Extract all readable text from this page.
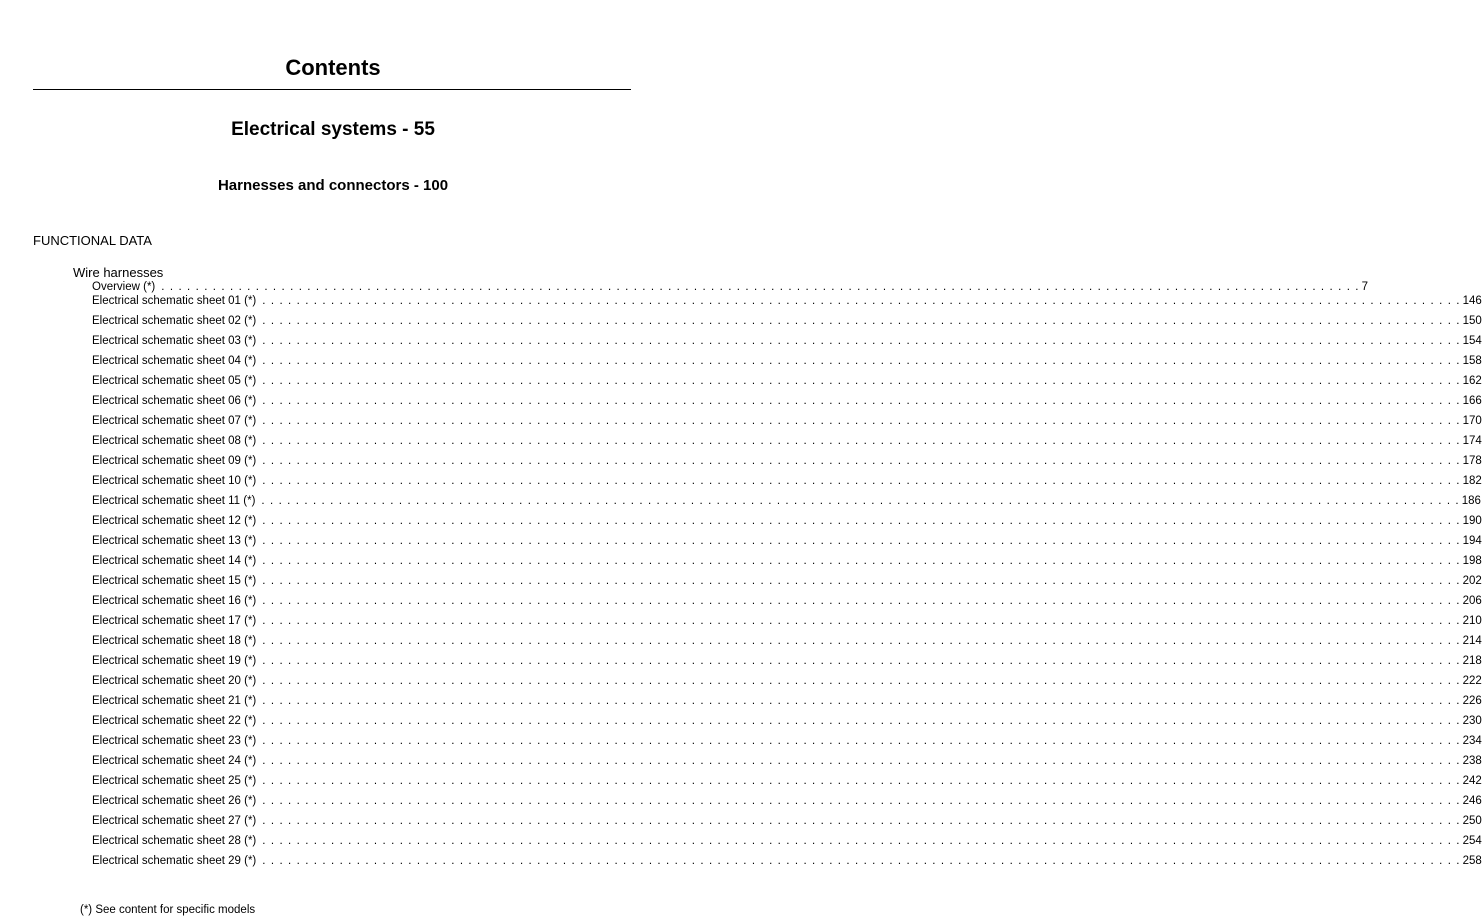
Contents
Electrical systems - 55
Harnesses and connectors - 100
FUNCTIONAL DATA
Wire harnesses
Overview (*) . . . . . . . . . . . . . . . . . . . . . . . . . . . . . . . . . . . . . . . . . . . . . . . . . . . . . . . . . . . . . . . . . . . . . . . . . . . . . . . . . . . . . . . . . . . . . . . . . . . . . . . . . . . . . . . . . . . . . . . . . . . . . . . . . . . . . . . . . . . . 7
Electrical schematic sheet 01 (*) . . . . . . . . . . . . . . . . . . . . . . . . . . . . . . . . . . . . . . . . . . . . . . . . . . . . . . . . . . . . . . . . . . . . . . . . . . . . . . . . . . . . . . . . . . . . . . . . . . . . . . . . . . . . . . . . . . . . . . . . . . . . . . . . . . . . . . . . . . . . 146
Electrical schematic sheet 02 (*) . . . . . . . . . . . . . . . . . . . . . . . . . . . . . . . . . . . . . . . . . . . . . . . . . . . . . . . . . . . . . . . . . . . . . . . . . . . . . . . . . . . . . . . . . . . . . . . . . . . . . . . . . . . . . . . . . . . . . . . . . . . . . . . . . . . . . . . . . . . . 150
Electrical schematic sheet 03 (*) . . . . . . . . . . . . . . . . . . . . . . . . . . . . . . . . . . . . . . . . . . . . . . . . . . . . . . . . . . . . . . . . . . . . . . . . . . . . . . . . . . . . . . . . . . . . . . . . . . . . . . . . . . . . . . . . . . . . . . . . . . . . . . . . . . . . . . . . . . . . 154
Electrical schematic sheet 04 (*) . . . . . . . . . . . . . . . . . . . . . . . . . . . . . . . . . . . . . . . . . . . . . . . . . . . . . . . . . . . . . . . . . . . . . . . . . . . . . . . . . . . . . . . . . . . . . . . . . . . . . . . . . . . . . . . . . . . . . . . . . . . . . . . . . . . . . . . . . . . . 158
Electrical schematic sheet 05 (*) . . . . . . . . . . . . . . . . . . . . . . . . . . . . . . . . . . . . . . . . . . . . . . . . . . . . . . . . . . . . . . . . . . . . . . . . . . . . . . . . . . . . . . . . . . . . . . . . . . . . . . . . . . . . . . . . . . . . . . . . . . . . . . . . . . . . . . . . . . . . 162
Electrical schematic sheet 06 (*) . . . . . . . . . . . . . . . . . . . . . . . . . . . . . . . . . . . . . . . . . . . . . . . . . . . . . . . . . . . . . . . . . . . . . . . . . . . . . . . . . . . . . . . . . . . . . . . . . . . . . . . . . . . . . . . . . . . . . . . . . . . . . . . . . . . . . . . . . . . . 166
Electrical schematic sheet 07 (*) . . . . . . . . . . . . . . . . . . . . . . . . . . . . . . . . . . . . . . . . . . . . . . . . . . . . . . . . . . . . . . . . . . . . . . . . . . . . . . . . . . . . . . . . . . . . . . . . . . . . . . . . . . . . . . . . . . . . . . . . . . . . . . . . . . . . . . . . . . . . 170
Electrical schematic sheet 08 (*) . . . . . . . . . . . . . . . . . . . . . . . . . . . . . . . . . . . . . . . . . . . . . . . . . . . . . . . . . . . . . . . . . . . . . . . . . . . . . . . . . . . . . . . . . . . . . . . . . . . . . . . . . . . . . . . . . . . . . . . . . . . . . . . . . . . . . . . . . . . . 174
Electrical schematic sheet 09 (*) . . . . . . . . . . . . . . . . . . . . . . . . . . . . . . . . . . . . . . . . . . . . . . . . . . . . . . . . . . . . . . . . . . . . . . . . . . . . . . . . . . . . . . . . . . . . . . . . . . . . . . . . . . . . . . . . . . . . . . . . . . . . . . . . . . . . . . . . . . . . 178
Electrical schematic sheet 10 (*) . . . . . . . . . . . . . . . . . . . . . . . . . . . . . . . . . . . . . . . . . . . . . . . . . . . . . . . . . . . . . . . . . . . . . . . . . . . . . . . . . . . . . . . . . . . . . . . . . . . . . . . . . . . . . . . . . . . . . . . . . . . . . . . . . . . . . . . . . . . . 182
Electrical schematic sheet 11 (*) . . . . . . . . . . . . . . . . . . . . . . . . . . . . . . . . . . . . . . . . . . . . . . . . . . . . . . . . . . . . . . . . . . . . . . . . . . . . . . . . . . . . . . . . . . . . . . . . . . . . . . . . . . . . . . . . . . . . . . . . . . . . . . . . . . . . . . . . . . . . 186
Electrical schematic sheet 12 (*) . . . . . . . . . . . . . . . . . . . . . . . . . . . . . . . . . . . . . . . . . . . . . . . . . . . . . . . . . . . . . . . . . . . . . . . . . . . . . . . . . . . . . . . . . . . . . . . . . . . . . . . . . . . . . . . . . . . . . . . . . . . . . . . . . . . . . . . . . . . . 190
Electrical schematic sheet 13 (*) . . . . . . . . . . . . . . . . . . . . . . . . . . . . . . . . . . . . . . . . . . . . . . . . . . . . . . . . . . . . . . . . . . . . . . . . . . . . . . . . . . . . . . . . . . . . . . . . . . . . . . . . . . . . . . . . . . . . . . . . . . . . . . . . . . . . . . . . . . . . 194
Electrical schematic sheet 14 (*) . . . . . . . . . . . . . . . . . . . . . . . . . . . . . . . . . . . . . . . . . . . . . . . . . . . . . . . . . . . . . . . . . . . . . . . . . . . . . . . . . . . . . . . . . . . . . . . . . . . . . . . . . . . . . . . . . . . . . . . . . . . . . . . . . . . . . . . . . . . . 198
Electrical schematic sheet 15 (*) . . . . . . . . . . . . . . . . . . . . . . . . . . . . . . . . . . . . . . . . . . . . . . . . . . . . . . . . . . . . . . . . . . . . . . . . . . . . . . . . . . . . . . . . . . . . . . . . . . . . . . . . . . . . . . . . . . . . . . . . . . . . . . . . . . . . . . . . . . . . 202
Electrical schematic sheet 16 (*) . . . . . . . . . . . . . . . . . . . . . . . . . . . . . . . . . . . . . . . . . . . . . . . . . . . . . . . . . . . . . . . . . . . . . . . . . . . . . . . . . . . . . . . . . . . . . . . . . . . . . . . . . . . . . . . . . . . . . . . . . . . . . . . . . . . . . . . . . . . . 206
Electrical schematic sheet 17 (*) . . . . . . . . . . . . . . . . . . . . . . . . . . . . . . . . . . . . . . . . . . . . . . . . . . . . . . . . . . . . . . . . . . . . . . . . . . . . . . . . . . . . . . . . . . . . . . . . . . . . . . . . . . . . . . . . . . . . . . . . . . . . . . . . . . . . . . . . . . . . 210
Electrical schematic sheet 18 (*) . . . . . . . . . . . . . . . . . . . . . . . . . . . . . . . . . . . . . . . . . . . . . . . . . . . . . . . . . . . . . . . . . . . . . . . . . . . . . . . . . . . . . . . . . . . . . . . . . . . . . . . . . . . . . . . . . . . . . . . . . . . . . . . . . . . . . . . . . . . . 214
Electrical schematic sheet 19 (*) . . . . . . . . . . . . . . . . . . . . . . . . . . . . . . . . . . . . . . . . . . . . . . . . . . . . . . . . . . . . . . . . . . . . . . . . . . . . . . . . . . . . . . . . . . . . . . . . . . . . . . . . . . . . . . . . . . . . . . . . . . . . . . . . . . . . . . . . . . . . 218
Electrical schematic sheet 20 (*) . . . . . . . . . . . . . . . . . . . . . . . . . . . . . . . . . . . . . . . . . . . . . . . . . . . . . . . . . . . . . . . . . . . . . . . . . . . . . . . . . . . . . . . . . . . . . . . . . . . . . . . . . . . . . . . . . . . . . . . . . . . . . . . . . . . . . . . . . . . . 222
Electrical schematic sheet 21 (*) . . . . . . . . . . . . . . . . . . . . . . . . . . . . . . . . . . . . . . . . . . . . . . . . . . . . . . . . . . . . . . . . . . . . . . . . . . . . . . . . . . . . . . . . . . . . . . . . . . . . . . . . . . . . . . . . . . . . . . . . . . . . . . . . . . . . . . . . . . . . 226
Electrical schematic sheet 22 (*) . . . . . . . . . . . . . . . . . . . . . . . . . . . . . . . . . . . . . . . . . . . . . . . . . . . . . . . . . . . . . . . . . . . . . . . . . . . . . . . . . . . . . . . . . . . . . . . . . . . . . . . . . . . . . . . . . . . . . . . . . . . . . . . . . . . . . . . . . . . . 230
Electrical schematic sheet 23 (*) . . . . . . . . . . . . . . . . . . . . . . . . . . . . . . . . . . . . . . . . . . . . . . . . . . . . . . . . . . . . . . . . . . . . . . . . . . . . . . . . . . . . . . . . . . . . . . . . . . . . . . . . . . . . . . . . . . . . . . . . . . . . . . . . . . . . . . . . . . . . 234
Electrical schematic sheet 24 (*) . . . . . . . . . . . . . . . . . . . . . . . . . . . . . . . . . . . . . . . . . . . . . . . . . . . . . . . . . . . . . . . . . . . . . . . . . . . . . . . . . . . . . . . . . . . . . . . . . . . . . . . . . . . . . . . . . . . . . . . . . . . . . . . . . . . . . . . . . . . . 238
Electrical schematic sheet 25 (*) . . . . . . . . . . . . . . . . . . . . . . . . . . . . . . . . . . . . . . . . . . . . . . . . . . . . . . . . . . . . . . . . . . . . . . . . . . . . . . . . . . . . . . . . . . . . . . . . . . . . . . . . . . . . . . . . . . . . . . . . . . . . . . . . . . . . . . . . . . . . 242
Electrical schematic sheet 26 (*) . . . . . . . . . . . . . . . . . . . . . . . . . . . . . . . . . . . . . . . . . . . . . . . . . . . . . . . . . . . . . . . . . . . . . . . . . . . . . . . . . . . . . . . . . . . . . . . . . . . . . . . . . . . . . . . . . . . . . . . . . . . . . . . . . . . . . . . . . . . . 246
Electrical schematic sheet 27 (*) . . . . . . . . . . . . . . . . . . . . . . . . . . . . . . . . . . . . . . . . . . . . . . . . . . . . . . . . . . . . . . . . . . . . . . . . . . . . . . . . . . . . . . . . . . . . . . . . . . . . . . . . . . . . . . . . . . . . . . . . . . . . . . . . . . . . . . . . . . . . 250
Electrical schematic sheet 28 (*) . . . . . . . . . . . . . . . . . . . . . . . . . . . . . . . . . . . . . . . . . . . . . . . . . . . . . . . . . . . . . . . . . . . . . . . . . . . . . . . . . . . . . . . . . . . . . . . . . . . . . . . . . . . . . . . . . . . . . . . . . . . . . . . . . . . . . . . . . . . . 254
Electrical schematic sheet 29 (*) . . . . . . . . . . . . . . . . . . . . . . . . . . . . . . . . . . . . . . . . . . . . . . . . . . . . . . . . . . . . . . . . . . . . . . . . . . . . . . . . . . . . . . . . . . . . . . . . . . . . . . . . . . . . . . . . . . . . . . . . . . . . . . . . . . . . . . . . . . . . 258
(*) See content for specific models
